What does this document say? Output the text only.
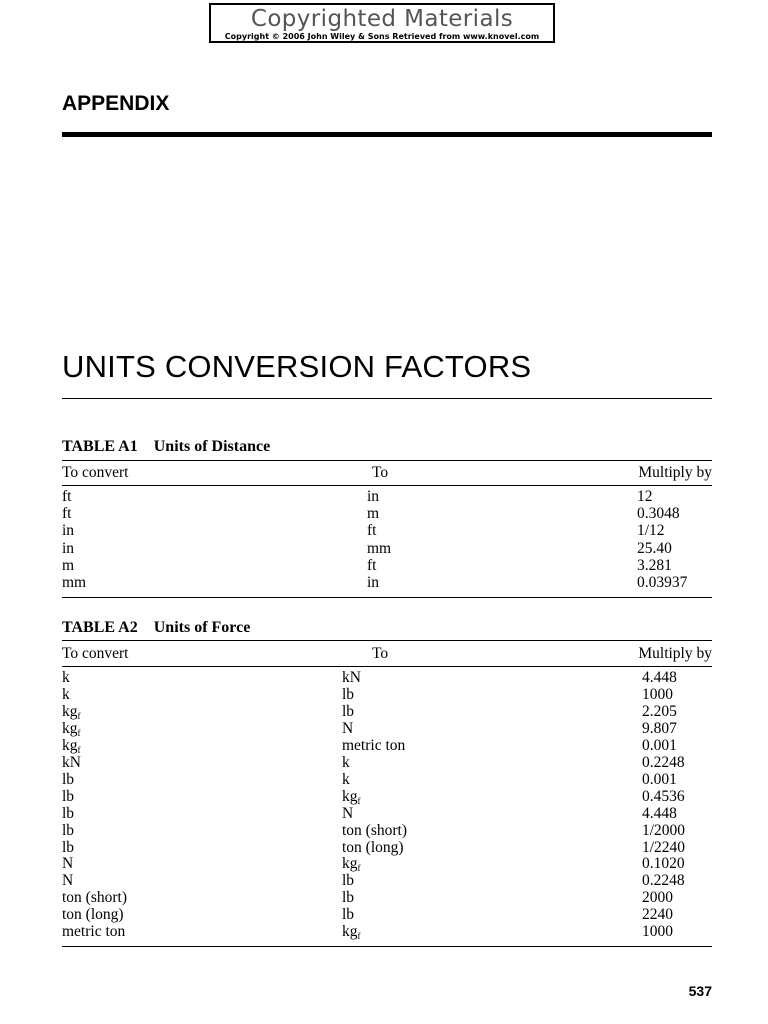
Copyrighted Materials
Copyright © 2006 John Wiley & Sons Retrieved from www.knovel.com
APPENDIX
UNITS CONVERSION FACTORS
TABLE A1 Units of Distance
To convert	To	Multiply by
ft	in	12
ft	m	0.3048
in	ft	1/12
in	mm	25.40
m	ft	3.281
mm	in	0.03937
TABLE A2 Units of Force
To convert	To	Multiply by
k	kN	4.448
k	lb	1000
$kg_f$	lb	2.205
$kg_f$	N	9.807
$kg_f$	metric ton	0.001
kN	k	0.2248
lb	k	0.001
lb	$kg_f$	0.4536
lb	N	4.448
lb	ton (short)	1/2000
lb	ton (long)	1/2240
N	$kg_f$	0.1020
N	lb	0.2248
ton (short)	lb	2000
ton (long)	lb	2240
metric ton	$kg_f$	1000
537
